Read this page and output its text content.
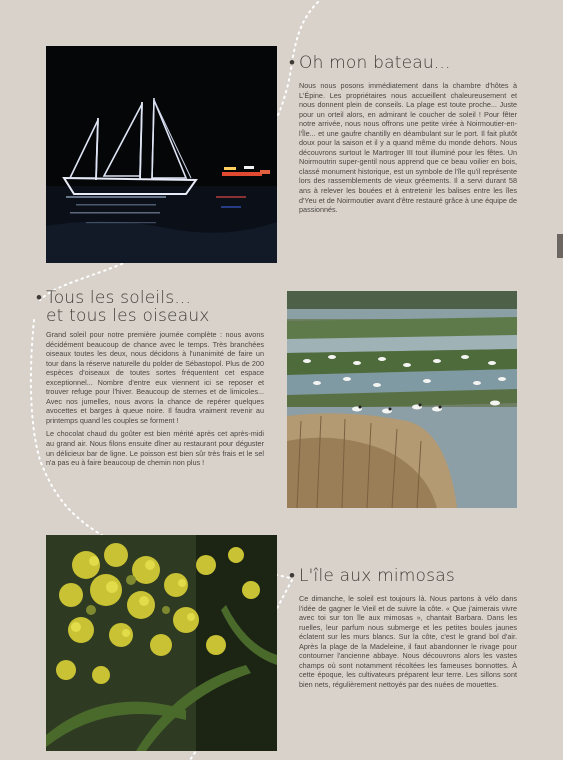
• Oh mon bateau...

Nous nous posons immédiatement dans la chambre d'hôtes à L'Épine. Les propriétaires nous accueillent chaleureusement et nous donnent plein de conseils. La plage est toute proche... Juste pour un orteil alors, en admirant le coucher de soleil ! Pour fêter notre arrivée, nous nous offrons une petite virée à Noirmoutier-en-l'Île... et une gaufre chantilly en déambulant sur le port. Il fait plutôt doux pour la saison et il y a quand même du monde dehors. Nous découvrons surtout le Martroger III tout illuminé pour les fêtes. Un Noirmoutrin super-gentil nous apprend que ce beau voilier en bois, classé monument historique, est un symbole de l'île qu'il représente lors des rassemblements de vieux gréements. Il a servi durant 58 ans à relever les bouées et à entretenir les balises entre les îles d'Yeu et de Noirmoutier avant d'être restauré grâce à une équipe de passionnés.

• Tous les soleils...
et tous les oiseaux

Grand soleil pour notre première journée complète : nous avons décidément beaucoup de chance avec le temps. Très branchées oiseaux toutes les deux, nous décidons à l'unanimité de faire un tour dans la réserve naturelle du polder de Sébastopol. Plus de 200 espèces d'oiseaux de toutes sortes fréquentent cet espace exceptionnel... Nombre d'entre eux viennent ici se reposer et trouver refuge pour l'hiver. Beaucoup de sternes et de limicoles... Avec nos jumelles, nous avons la chance de repérer quelques avocettes et barges à queue noire. Il faudra vraiment revenir au printemps quand les couples se forment !

Le chocolat chaud du goûter est bien mérité après cet après-midi au grand air. Nous filons ensuite dîner au restaurant pour déguster un délicieux bar de ligne. Le poisson est bien sûr très frais et le sel n'a pas eu à faire beaucoup de chemin non plus !

• L'île aux mimosas

Ce dimanche, le soleil est toujours là. Nous partons à vélo dans l'idée de gagner le Vieil et de suivre la côte. « Que j'aimerais vivre avec toi sur ton île aux mimosas », chantait Barbara. Dans les ruelles, leur parfum nous submerge et les petites boules jaunes éclatent sur les murs blancs. Sur la côte, c'est le grand bol d'air. Après la plage de la Madeleine, il faut abandonner le rivage pour contourner l'ancienne abbaye. Nous découvrons alors les vastes champs où sont notamment récoltées les fameuses bonnottes. À cette époque, les cultivateurs préparent leur terre. Les sillons sont bien nets, régulièrement nettoyés par des nuées de mouettes.
